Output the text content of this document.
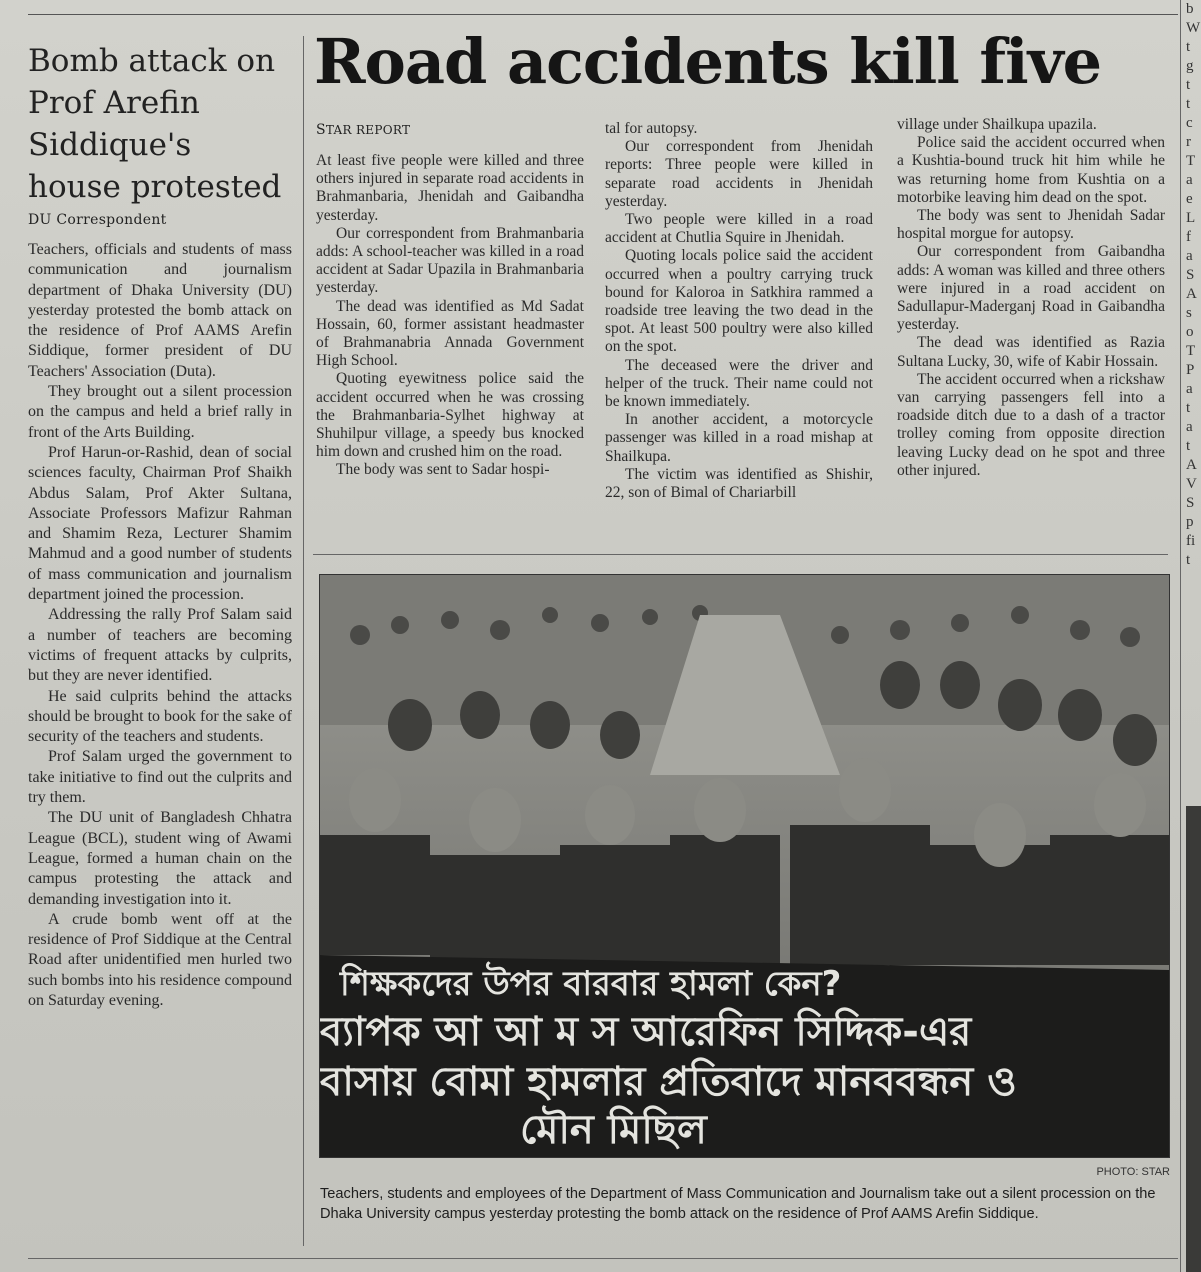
Bomb attack on Prof Arefin Siddique's house protested
DU Correspondent

Teachers, officials and students of mass communication and journalism department of Dhaka University (DU) yesterday protested the bomb attack on the residence of Prof AAMS Arefin Siddique, former president of DU Teachers' Association (Duta).

They brought out a silent procession on the campus and held a brief rally in front of the Arts Building.

Prof Harun-or-Rashid, dean of social sciences faculty, Chairman Prof Shaikh Abdus Salam, Prof Akter Sultana, Associate Professors Mafizur Rahman and Shamim Reza, Lecturer Shamim Mahmud and a good number of students of mass communication and journalism department joined the procession.

Addressing the rally Prof Salam said a number of teachers are becoming victims of frequent attacks by culprits, but they are never identified.

He said culprits behind the attacks should be brought to book for the sake of security of the teachers and students.

Prof Salam urged the government to take initiative to find out the culprits and try them.

The DU unit of Bangladesh Chhatra League (BCL), student wing of Awami League, formed a human chain on the campus protesting the attack and demanding investigation into it.

A crude bomb went off at the residence of Prof Siddique at the Central Road after unidentified men hurled two such bombs into his residence compound on Saturday evening.

Road accidents kill five
STAR REPORT

At least five people were killed and three others injured in separate road accidents in Brahmanbaria, Jhenidah and Gaibandha yesterday.

Our correspondent from Brahmanbaria adds: A school-teacher was killed in a road accident at Sadar Upazila in Brahmanbaria yesterday.

The dead was identified as Md Sadat Hossain, 60, former assistant headmaster of Brahmanabria Annada Government High School.

Quoting eyewitness police said the accident occurred when he was crossing the Brahmanbaria-Sylhet highway at Shuhilpur village, a speedy bus knocked him down and crushed him on the road.

The body was sent to Sadar hospi-

tal for autopsy.

Our correspondent from Jhenidah reports: Three people were killed in separate road accidents in Jhenidah yesterday.

Two people were killed in a road accident at Chutlia Squire in Jhenidah.

Quoting locals police said the accident occurred when a poultry carrying truck bound for Kaloroa in Satkhira rammed a roadside tree leaving the two dead in the spot. At least 500 poultry were also killed on the spot.

The deceased were the driver and helper of the truck. Their name could not be known immediately.

In another accident, a motorcycle passenger was killed in a road mishap at Shailkupa.

The victim was identified as Shishir, 22, son of Bimal of Chariarbill

village under Shailkupa upazila.

Police said the accident occurred when a Kushtia-bound truck hit him while he was returning home from Kushtia on a motorbike leaving him dead on the spot.

The body was sent to Jhenidah Sadar hospital morgue for autopsy.

Our correspondent from Gaibandha adds: A woman was killed and three others were injured in a road accident on Sadullapur-Maderganj Road in Gaibandha yesterday.

The dead was identified as Razia Sultana Lucky, 30, wife of Kabir Hossain.

The accident occurred when a rickshaw van carrying passengers fell into a roadside ditch due to a dash of a tractor trolley coming from opposite direction leaving Lucky dead on he spot and three other injured.

শিক্ষকদের উপর বারবার হামলা কেন?
ব্যাপক আ আ ম স আরেফিন সিদ্দিক-এর
বাসায় বোমা হামলার প্রতিবাদে মানববন্ধন ও
মৌন মিছিল
PHOTO: STAR

Teachers, students and employees of the Department of Mass Communication and Journalism take out a silent procession on the Dhaka University campus yesterday protesting the bomb attack on the residence of Prof AAMS Arefin Siddique.

b
W
t
g
t
t
c
r
T
a
e
L
f
a
S
A
s
o
T
P
a
t
a
t
A
V
S
p
fi
t
